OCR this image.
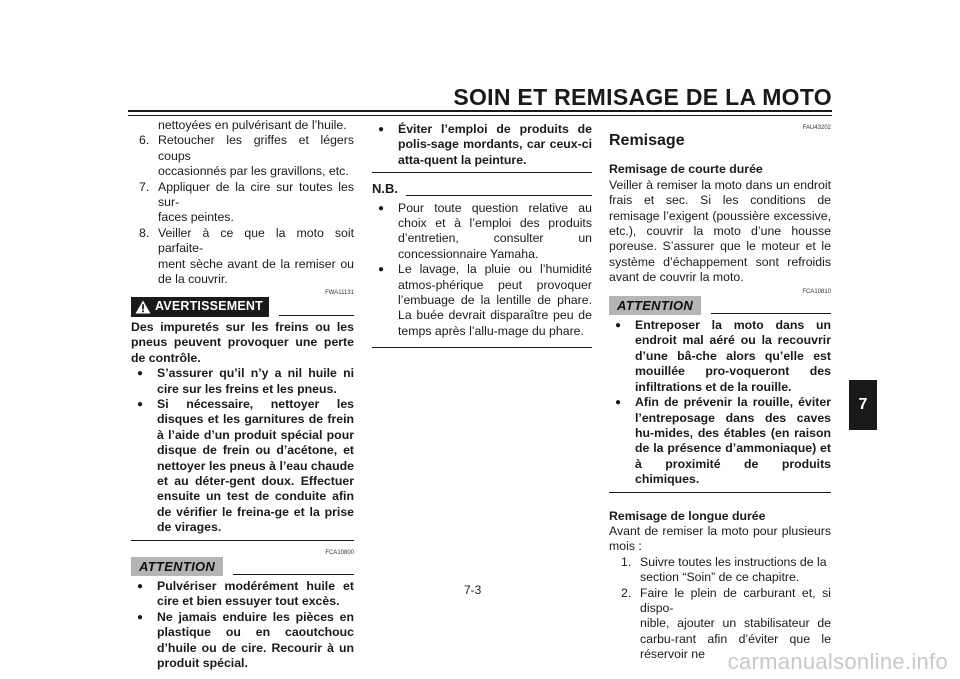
SOIN ET REMISAGE DE LA MOTO

nettoyées en pulvérisant de l’huile.

6. Retoucher les griffes et légers coups

occasionnés par les gravillons, etc.

7. Appliquer de la cire sur toutes les sur-

faces peintes.

8. Veiller à ce que la moto soit parfaite-

ment sèche avant de la remiser ou de la couvrir.

FWA11131
AVERTISSEMENT

Des impuretés sur les freins ou les pneus peuvent provoquer une perte de contrôle.

●	S’assurer qu’il n’y a nil huile ni cire sur les freins et les pneus.
●	Si nécessaire, nettoyer les disques et les garnitures de frein à l’aide d’un produit spécial pour disque de frein ou d’acétone, et nettoyer les pneus à l’eau chaude et au déter-gent doux. Effectuer ensuite un test de conduite afin de vérifier le freina-ge et la prise de virages.
FCA10800
ATTENTION
●	Pulvériser modérément huile et cire et bien essuyer tout excès.
●	Ne jamais enduire les pièces en plastique ou en caoutchouc d’huile ou de cire. Recourir à un produit spécial.
●	Éviter l’emploi de produits de polis-sage mordants, car ceux-ci atta-quent la peinture.
N.B.
●	Pour toute question relative au choix et à l’emploi des produits d’entretien, consulter un concessionnaire Yamaha.
●	Le lavage, la pluie ou l’humidité atmos-phérique peut provoquer l’embuage de la lentille de phare. La buée devrait disparaître peu de temps après l’allu-mage du phare.
FAU43202
Remisage

Remisage de courte durée

Veiller à remiser la moto dans un endroit frais et sec. Si les conditions de remisage l’exigent (poussière excessive, etc.), couvrir la moto d’une housse poreuse. S’assurer que le moteur et le système d’échappement sont refroidis avant de couvrir la moto.

FCA10810
ATTENTION
●	Entreposer la moto dans un endroit mal aéré ou la recouvrir d’une bâ-che alors qu’elle est mouillée pro-voqueront des infiltrations et de la rouille.
●	Afin de prévenir la rouille, éviter l’entreposage dans des caves hu-mides, des étables (en raison de la présence d’ammoniaque) et à proximité de produits chimiques.

Remisage de longue durée

Avant de remiser la moto pour plusieurs mois :

1. Suivre toutes les instructions de la

section “Soin” de ce chapitre.

2. Faire le plein de carburant et, si dispo-

nible, ajouter un stabilisateur de carbu-rant afin d’éviter que le réservoir ne

7
7-3
carmanualsonline.info
